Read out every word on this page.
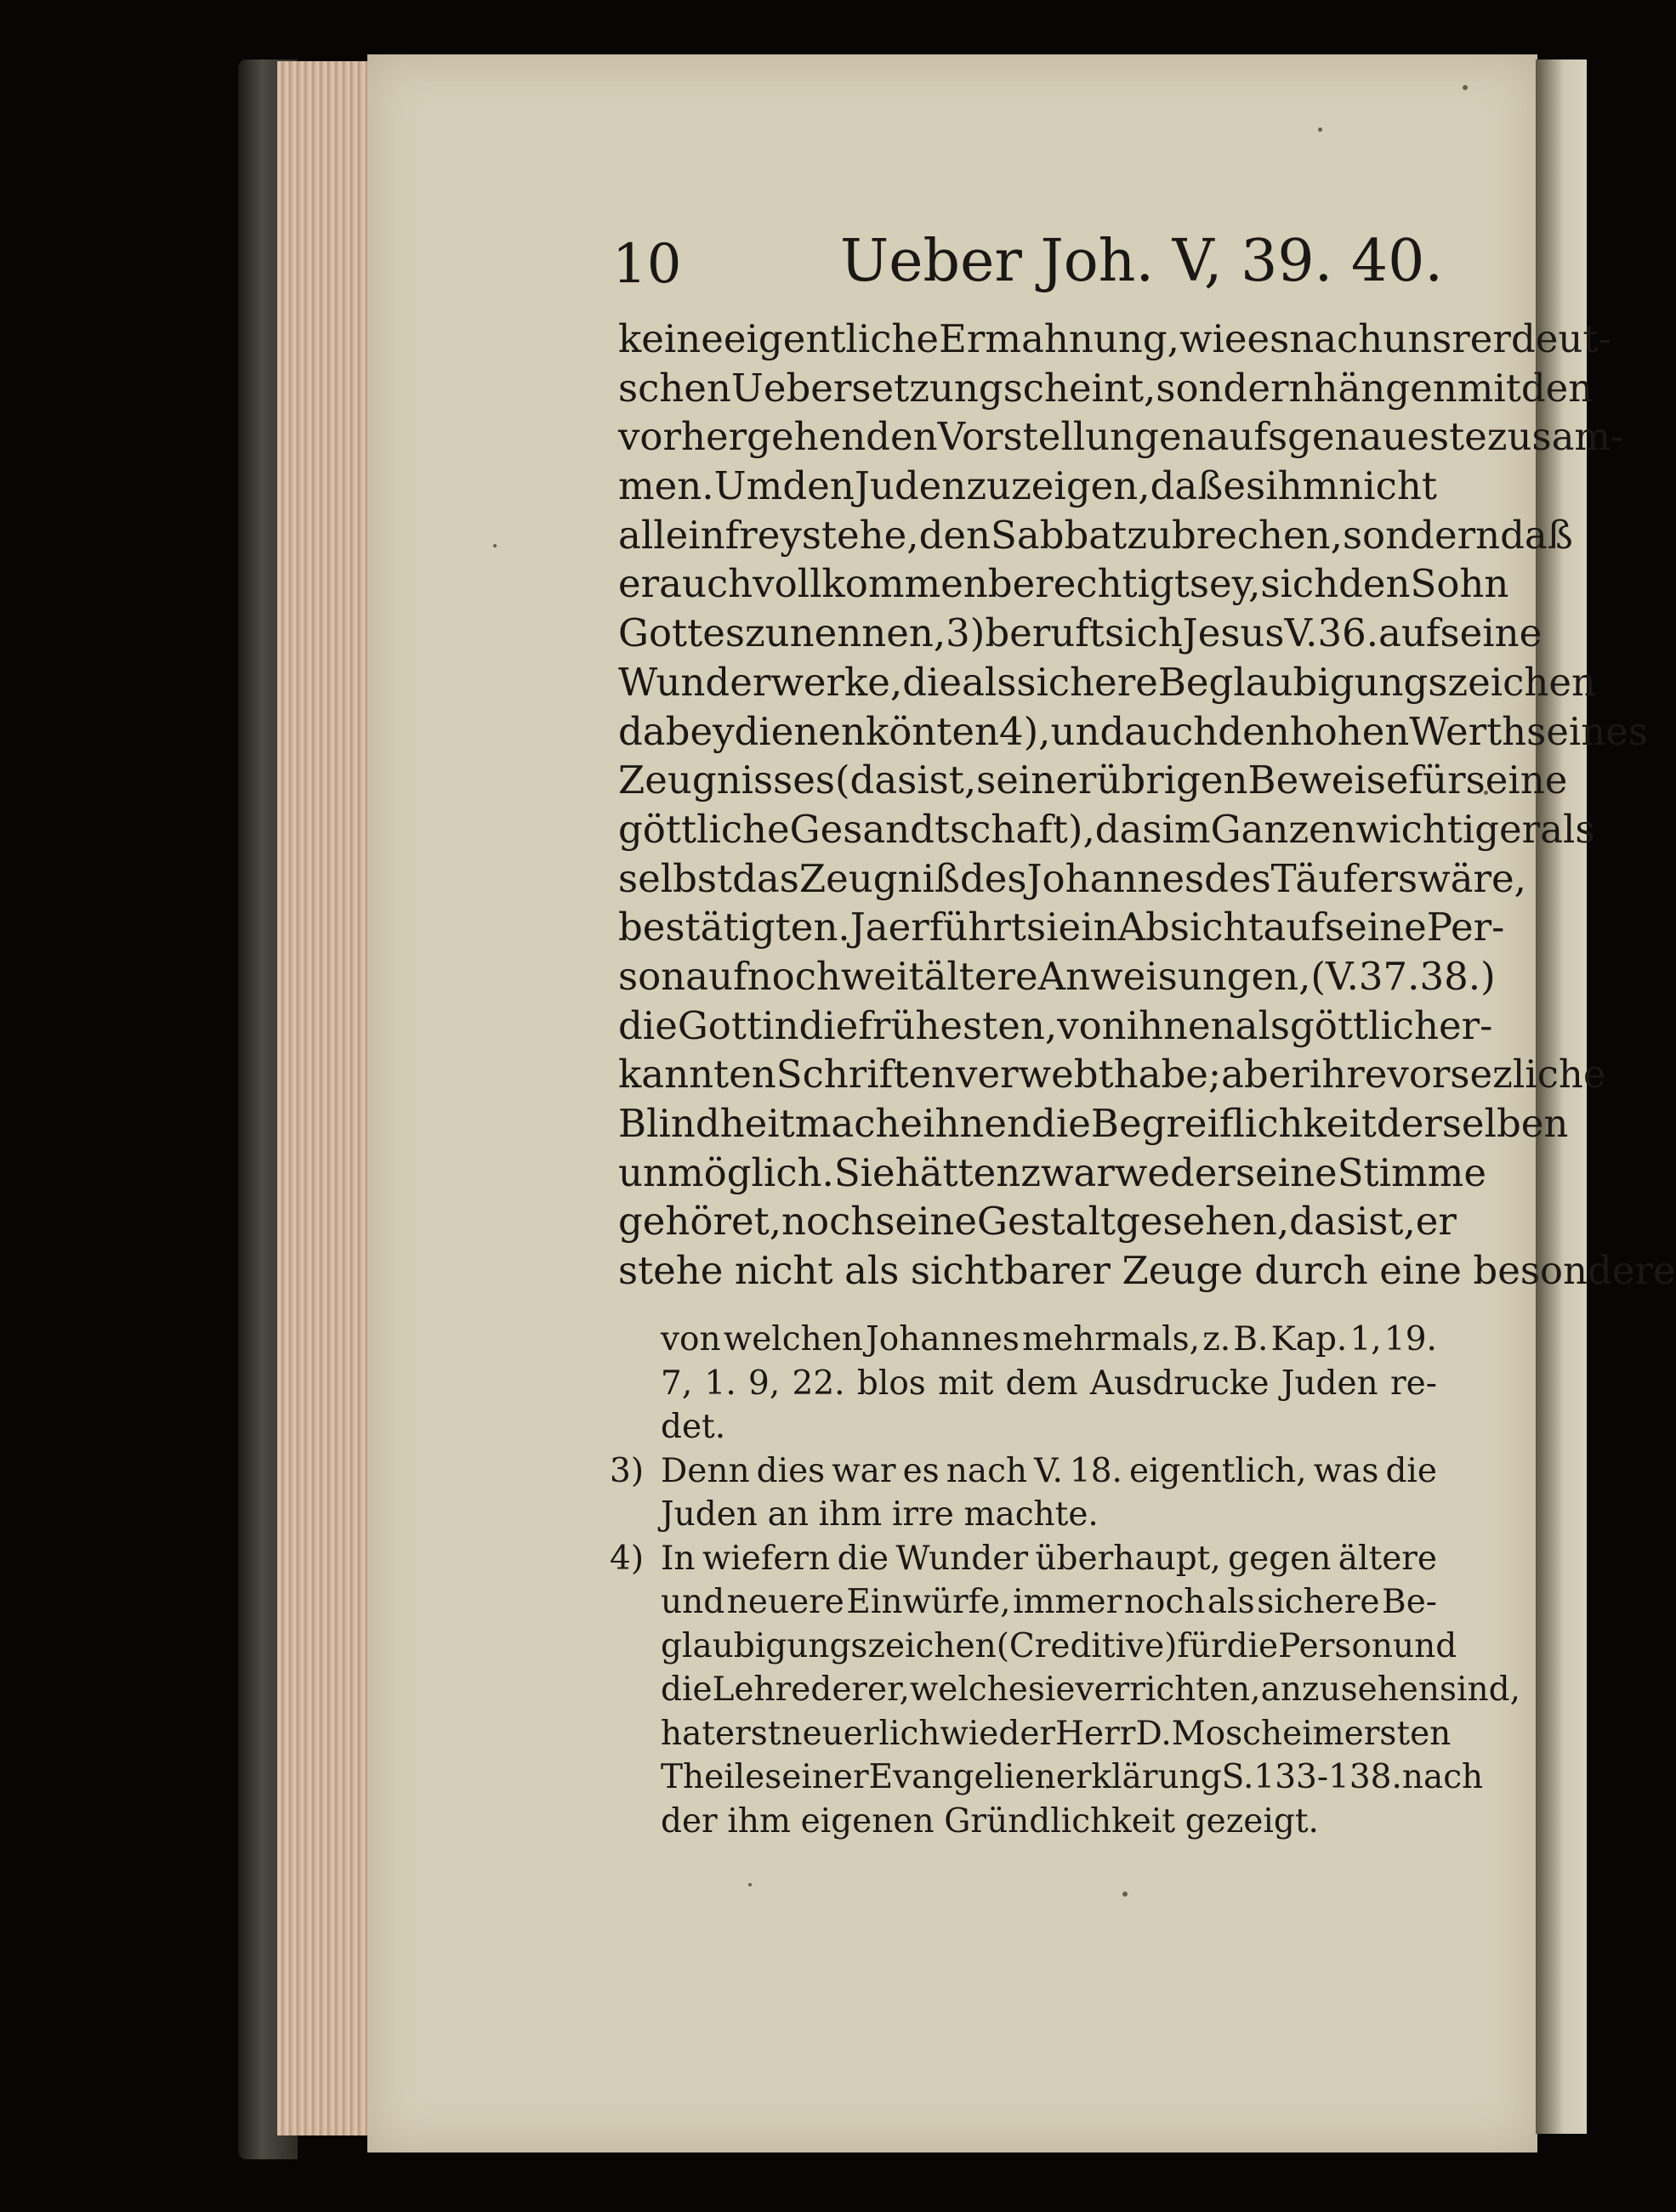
10	Ueber Joh. V, 39. 40.
keine eigentliche Ermahnung, wie es nach unsrer deut-
schen Uebersetzung scheint, sondern hängen mit den
vorhergehenden Vorstellungen aufs genaueste zusam-
men. Um den Juden zu zeigen, daß es ihm nicht
allein frey stehe, den Sabbat zu brechen, sondern daß
er auch vollkommen berechtigt sey, sich den Sohn
Gottes zu nennen, 3) beruft sich Jesus V. 36. auf seine
Wunderwerke, die als sichere Beglaubigungszeichen
dabey dienen könten 4), und auch den hohen Werth seines
Zeugnisses (das ist, seiner übrigen Beweise für seine
göttliche Gesandtschaft), das im Ganzen wichtiger als
selbst das Zeugniß des Johannes des Täufers wäre,
bestätigten. Ja er führt sie in Absicht auf seine Per-
son auf noch weit ältere Anweisungen, (V. 37. 38.)
die Gott in die frühesten, von ihnen als göttlich er-
kannten Schriften verwebt habe; aber ihre vorsezliche
Blindheit mache ihnen die Begreiflichkeit derselben
unmöglich. Sie hätten zwar weder seine Stimme
gehöret, noch seine Gestalt gesehen, das ist, er
stehe nicht als sichtbarer Zeuge durch eine besondere
von welchen Johannes mehrmals, z. B. Kap. 1, 19.
7, 1. 9, 22. blos mit dem Ausdrucke Juden re-
det.
3) Denn dies war es nach V. 18. eigentlich, was die
Juden an ihm irre machte.
4) In wiefern die Wunder überhaupt, gegen ältere
und neuere Einwürfe, immer noch als sichere Be-
glaubigungszeichen (Creditive) für die Person und
die Lehre derer, welche sie verrichten, anzusehen sind,
hat erst neuerlich wieder Herr D. Mosche im ersten
Theile seiner Evangelienerklärung S. 133-138. nach
der ihm eigenen Gründlichkeit gezeigt.
